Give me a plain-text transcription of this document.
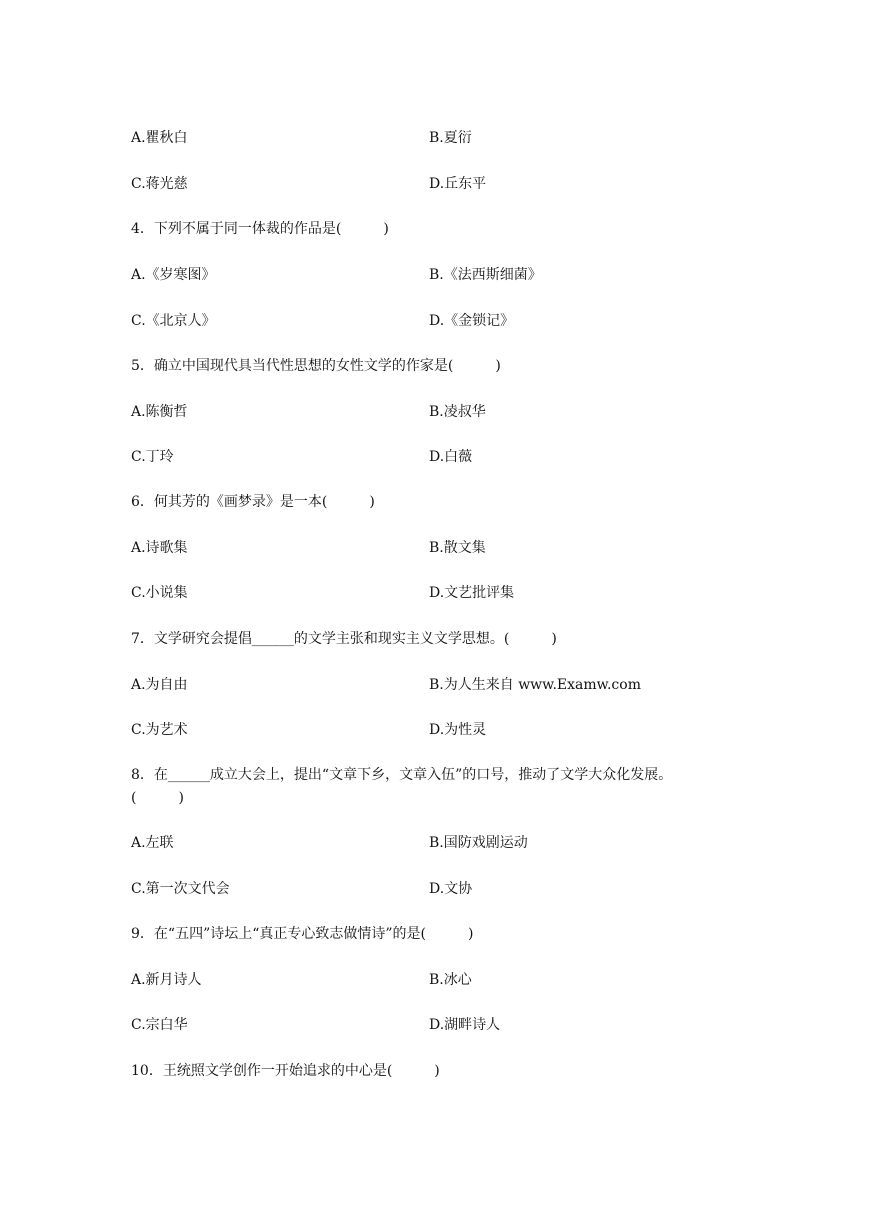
A.瞿秋白	B.夏衍
C.蒋光慈	D.丘东平
4．下列不属于同一体裁的作品是(　　　)
A.《岁寒图》	B.《法西斯细菌》
C.《北京人》	D.《金锁记》
5．确立中国现代具当代性思想的女性文学的作家是(　　　)
A.陈衡哲	B.凌叔华
C.丁玲	D.白薇
6．何其芳的《画梦录》是一本(　　　)
A.诗歌集	B.散文集
C.小说集	D.文艺批评集
7．文学研究会提倡______的文学主张和现实主义文学思想。(　　　)
A.为自由	B.为人生来自 www.Examw.com
C.为艺术	D.为性灵
8．在______成立大会上，提出“文章下乡，文章入伍”的口号，推动了文学大众化发展。
(　　　)
A.左联	B.国防戏剧运动
C.第一次文代会	D.文协
9．在“五四”诗坛上“真正专心致志做情诗”的是(　　　)
A.新月诗人	B.冰心
C.宗白华	D.湖畔诗人
10．王统照文学创作一开始追求的中心是(　　　)
